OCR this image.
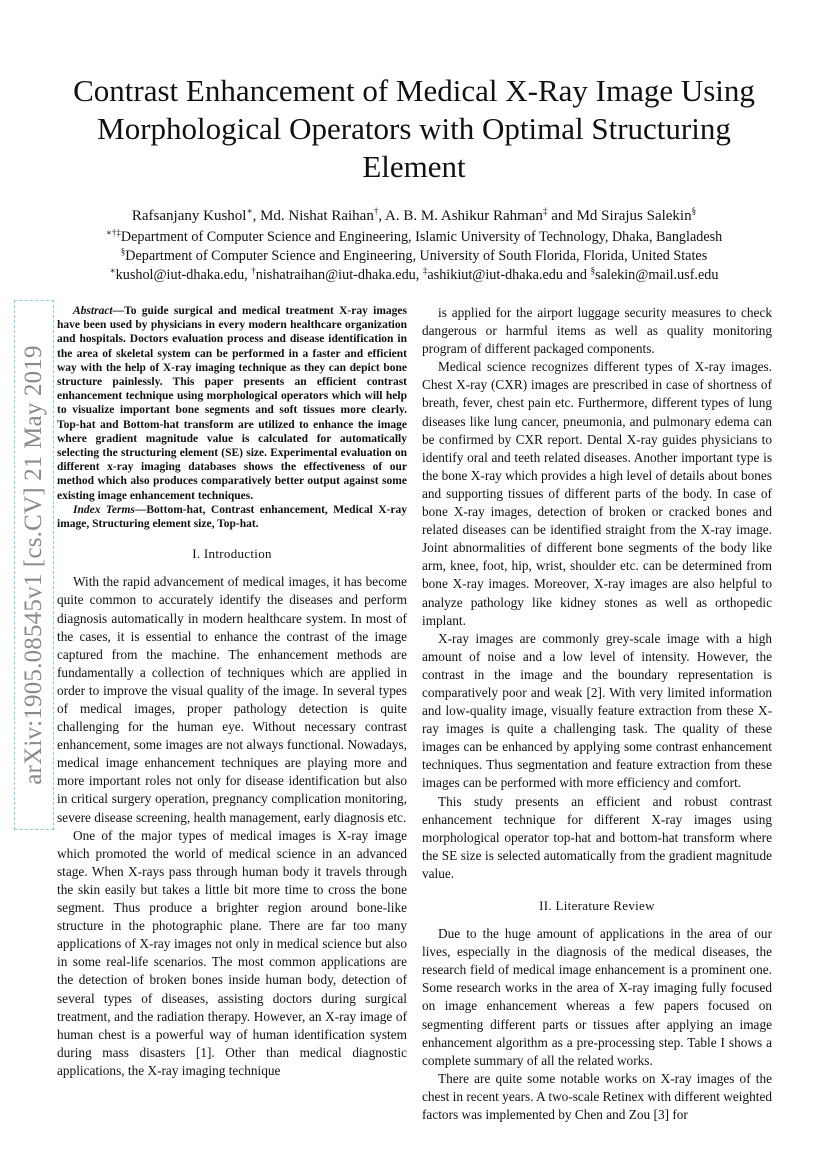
arXiv:1905.08545v1 [cs.CV] 21 May 2019
Contrast Enhancement of Medical X-Ray Image Using Morphological Operators with Optimal Structuring Element
Rafsanjany Kushol∗, Md. Nishat Raihan†, A. B. M. Ashikur Rahman‡ and Md Sirajus Salekin§
∗†‡Department of Computer Science and Engineering, Islamic University of Technology, Dhaka, Bangladesh
§Department of Computer Science and Engineering, University of South Florida, Florida, United States
∗kushol@iut-dhaka.edu, †nishatraihan@iut-dhaka.edu, ‡ashikiut@iut-dhaka.edu and §salekin@mail.usf.edu

Abstract—To guide surgical and medical treatment X-ray images have been used by physicians in every modern healthcare organization and hospitals. Doctors evaluation process and disease identification in the area of skeletal system can be performed in a faster and efficient way with the help of X-ray imaging technique as they can depict bone structure painlessly. This paper presents an efficient contrast enhancement technique using morphological operators which will help to visualize important bone segments and soft tissues more clearly. Top-hat and Bottom-hat transform are utilized to enhance the image where gradient magnitude value is calculated for automatically selecting the structuring element (SE) size. Experimental evaluation on different x-ray imaging databases shows the effectiveness of our method which also produces comparatively better output against some existing image enhancement techniques.

Index Terms—Bottom-hat, Contrast enhancement, Medical X-ray image, Structuring element size, Top-hat.

I. Introduction

With the rapid advancement of medical images, it has become quite common to accurately identify the diseases and perform diagnosis automatically in modern healthcare system. In most of the cases, it is essential to enhance the contrast of the image captured from the machine. The enhancement methods are fundamentally a collection of techniques which are applied in order to improve the visual quality of the image. In several types of medical images, proper pathology detection is quite challenging for the human eye. Without necessary contrast enhancement, some images are not always functional. Nowadays, medical image enhancement techniques are playing more and more important roles not only for disease identification but also in critical surgery operation, pregnancy complication monitoring, severe disease screening, health management, early diagnosis etc.

One of the major types of medical images is X-ray image which promoted the world of medical science in an advanced stage. When X-rays pass through human body it travels through the skin easily but takes a little bit more time to cross the bone segment. Thus produce a brighter region around bone-like structure in the photographic plane. There are far too many applications of X-ray images not only in medical science but also in some real-life scenarios. The most common applications are the detection of broken bones inside human body, detection of several types of diseases, assisting doctors during surgical treatment, and the radiation therapy. However, an X-ray image of human chest is a powerful way of human identification system during mass disasters [1]. Other than medical diagnostic applications, the X-ray imaging technique

is applied for the airport luggage security measures to check dangerous or harmful items as well as quality monitoring program of different packaged components.

Medical science recognizes different types of X-ray images. Chest X-ray (CXR) images are prescribed in case of shortness of breath, fever, chest pain etc. Furthermore, different types of lung diseases like lung cancer, pneumonia, and pulmonary edema can be confirmed by CXR report. Dental X-ray guides physicians to identify oral and teeth related diseases. Another important type is the bone X-ray which provides a high level of details about bones and supporting tissues of different parts of the body. In case of bone X-ray images, detection of broken or cracked bones and related diseases can be identified straight from the X-ray image. Joint abnormalities of different bone segments of the body like arm, knee, foot, hip, wrist, shoulder etc. can be determined from bone X-ray images. Moreover, X-ray images are also helpful to analyze pathology like kidney stones as well as orthopedic implant.

X-ray images are commonly grey-scale image with a high amount of noise and a low level of intensity. However, the contrast in the image and the boundary representation is comparatively poor and weak [2]. With very limited information and low-quality image, visually feature extraction from these X-ray images is quite a challenging task. The quality of these images can be enhanced by applying some contrast enhancement techniques. Thus segmentation and feature extraction from these images can be performed with more efficiency and comfort.

This study presents an efficient and robust contrast enhancement technique for different X-ray images using morphological operator top-hat and bottom-hat transform where the SE size is selected automatically from the gradient magnitude value.

II. Literature Review

Due to the huge amount of applications in the area of our lives, especially in the diagnosis of the medical diseases, the research field of medical image enhancement is a prominent one. Some research works in the area of X-ray imaging fully focused on image enhancement whereas a few papers focused on segmenting different parts or tissues after applying an image enhancement algorithm as a pre-processing step. Table I shows a complete summary of all the related works.

There are quite some notable works on X-ray images of the chest in recent years. A two-scale Retinex with different weighted factors was implemented by Chen and Zou [3] for
